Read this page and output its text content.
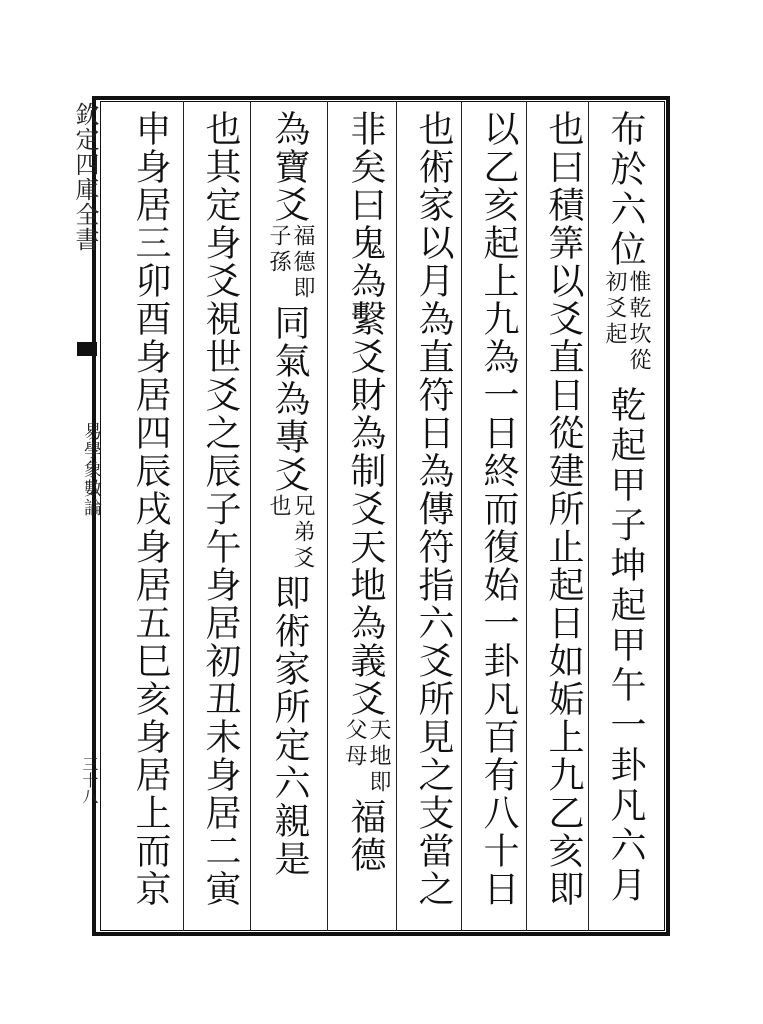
欽定四庫全書
易學象數論
三十八
布於六位惟乾坎從初爻起乾起甲子坤起甲午一卦凡六月
也曰積筭以爻直日從建所止起日如姤上九乙亥即
以乙亥起上九為一日終而復始一卦凡百有八十日
也術家以月為直符日為傳符指六爻所見之支當之
非矣曰鬼為繫爻財為制爻天地為義爻天地即父母福德
為寶爻福德即子孫同氣為專爻兄弟爻也即術家所定六親是
也其定身爻視世爻之辰子午身居初丑未身居二寅
申身居三卯酉身居四辰戌身居五巳亥身居上而京
